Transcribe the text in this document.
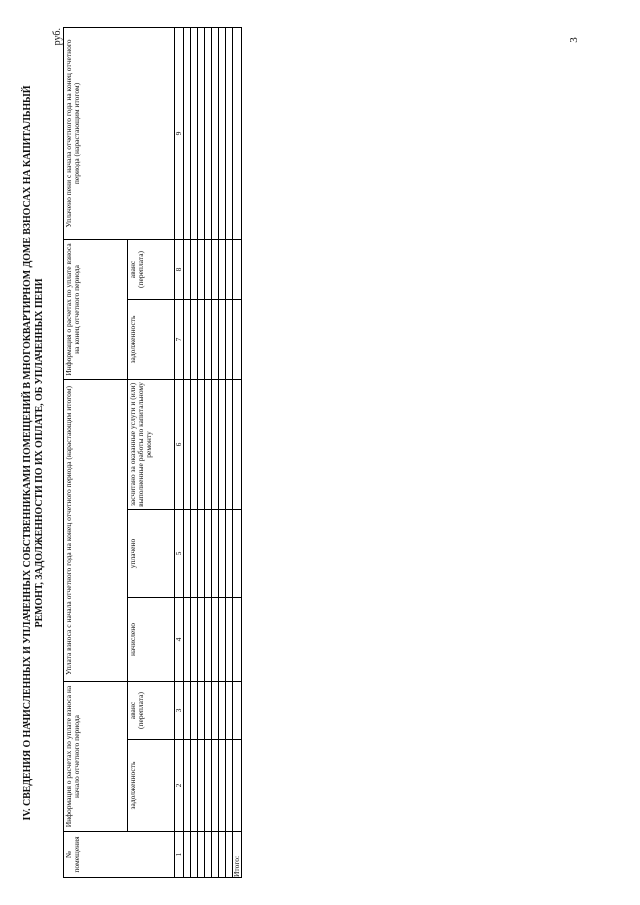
3
IV. СВЕДЕНИЯ О НАЧИСЛЕННЫХ И УПЛАЧЕННЫХ СОБСТВЕННИКАМИ ПОМЕЩЕНИЙ В МНОГОКВАРТИРНОМ ДОМЕ ВЗНОСАХ НА КАПИТАЛЬНЫЙ РЕМОНТ, ЗАДОЛЖЕННОСТИ ПО ИХ ОПЛАТЕ, ОБ УПЛАЧЕННЫХ ПЕНИ
руб.
№ помещения	Информация о расчетах по уплате взноса на начало отчетного периода		Уплата взноса с начала отчетного года на конец отчетного периода (нарастающим итогом)			Информация о расчетах по уплате взноса на конец отчетного периода		Уплачено пени с начала отчетного года на конец отчетного периода (нарастающим итогом)
	задолженность	аванс (переплата)	начислено	уплачено	засчитано за оказанные услуги и (или) выполненные работы по капитальному ремонту	задолженность	аванс (переплата)	
1	2	3	4	5	6	7	8	9

Итого:								
